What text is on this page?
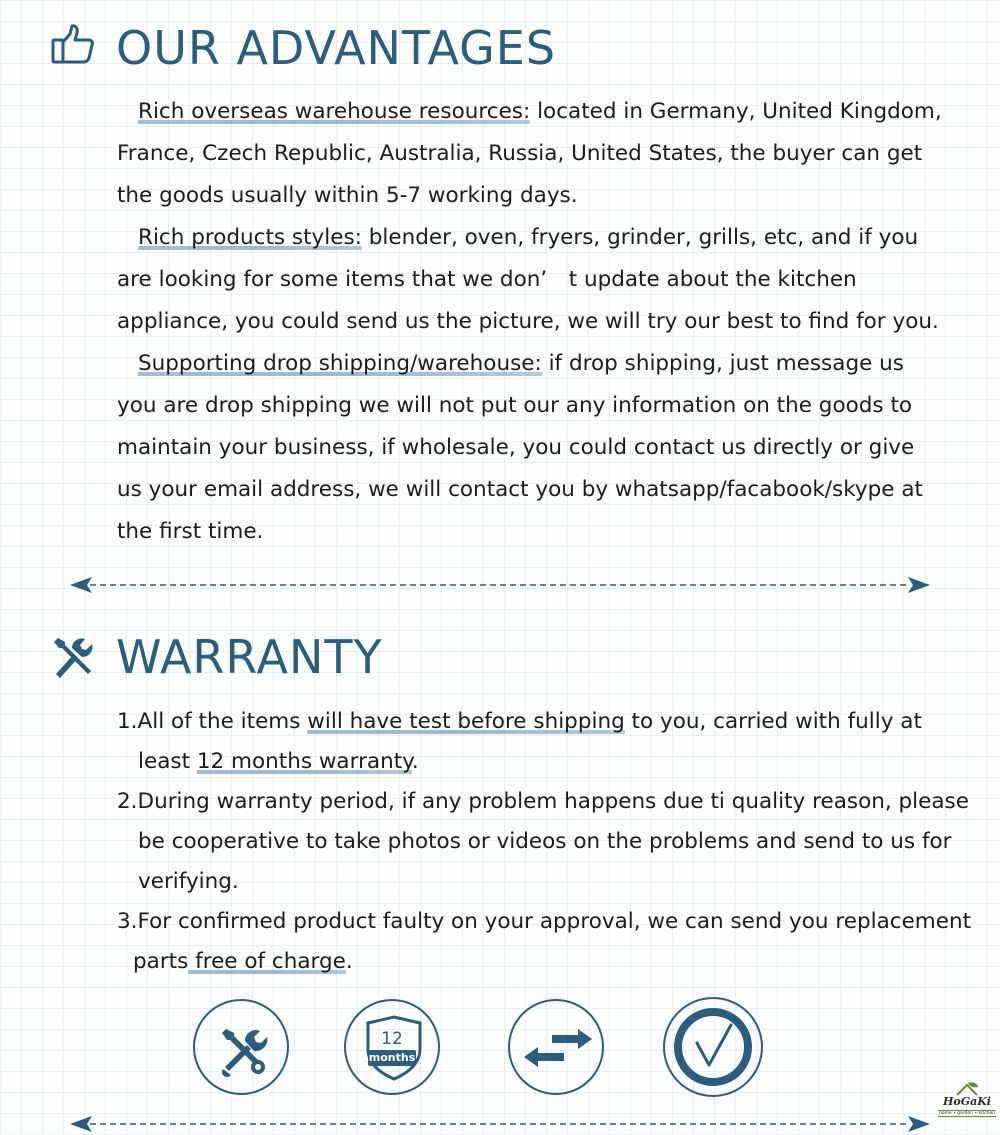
OUR ADVANTAGES
Rich overseas warehouse resources: located in Germany, United Kingdom,
France, Czech Republic, Australia, Russia, United States, the buyer can get
the goods usually within 5-7 working days.
Rich products styles: blender, oven, fryers, grinder, grills, etc, and if you
are looking for some items that we don’　t update about the kitchen
appliance, you could send us the picture, we will try our best to find for you.
Supporting drop shipping/warehouse: if drop shipping, just message us
you are drop shipping we will not put our any information on the goods to
maintain your business, if wholesale, you could contact us directly or give
us your email address, we will contact you by whatsapp/facabook/skype at
the first time.
WARRANTY
1.All of the items will have test before shipping to you, carried with fully at
least 12 months warranty.
2.During warranty period, if any problem happens due ti quality reason, please
be cooperative to take photos or videos on the problems and send to us for
verifying.
3.For confirmed product faulty on your approval, we can send you replacement
parts free of charge.
12
months
HoGaKi
home • garden • kitchen
